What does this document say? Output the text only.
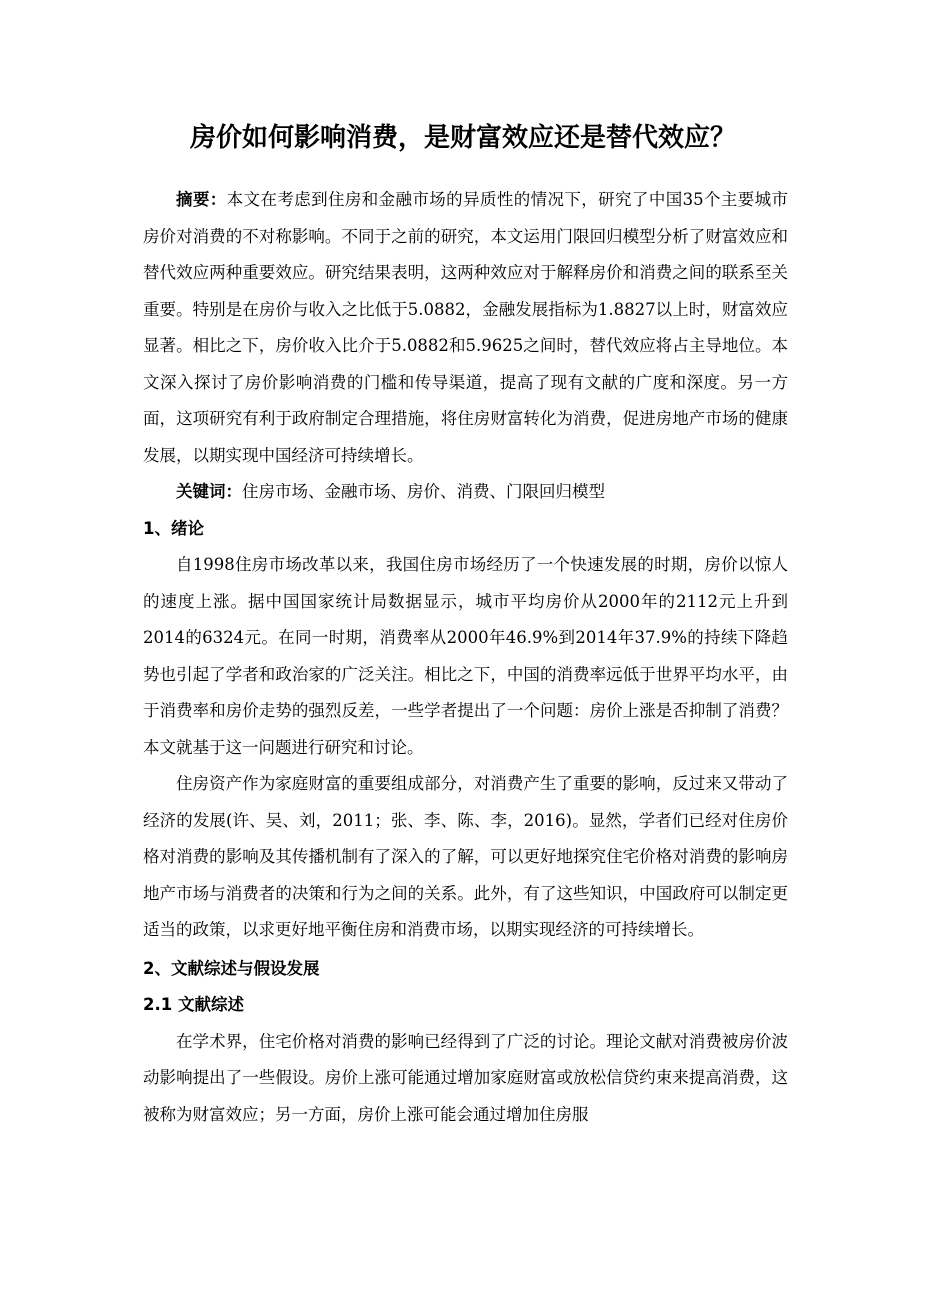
房价如何影响消费，是财富效应还是替代效应？

摘要：本文在考虑到住房和金融市场的异质性的情况下，研究了中国35个主要城市房价对消费的不对称影响。不同于之前的研究，本文运用门限回归模型分析了财富效应和替代效应两种重要效应。研究结果表明，这两种效应对于解释房价和消费之间的联系至关重要。特别是在房价与收入之比低于5.0882，金融发展指标为1.8827以上时，财富效应显著。相比之下，房价收入比介于5.0882和5.9625之间时，替代效应将占主导地位。本文深入探讨了房价影响消费的门槛和传导渠道，提高了现有文献的广度和深度。另一方面，这项研究有利于政府制定合理措施，将住房财富转化为消费，促进房地产市场的健康发展，以期实现中国经济可持续增长。

关键词：住房市场、金融市场、房价、消费、门限回归模型

1、绪论

自1998住房市场改革以来，我国住房市场经历了一个快速发展的时期，房价以惊人的速度上涨。据中国国家统计局数据显示，城市平均房价从2000年的2112元上升到2014的6324元。在同一时期，消费率从2000年46.9%到2014年37.9%的持续下降趋势也引起了学者和政治家的广泛关注。相比之下，中国的消费率远低于世界平均水平，由于消费率和房价走势的强烈反差，一些学者提出了一个问题：房价上涨是否抑制了消费？本文就基于这一问题进行研究和讨论。

住房资产作为家庭财富的重要组成部分，对消费产生了重要的影响，反过来又带动了经济的发展(许、吴、刘，2011；张、李、陈、李，2016)。显然，学者们已经对住房价格对消费的影响及其传播机制有了深入的了解，可以更好地探究住宅价格对消费的影响房地产市场与消费者的决策和行为之间的关系。此外，有了这些知识，中国政府可以制定更适当的政策，以求更好地平衡住房和消费市场，以期实现经济的可持续增长。

2、文献综述与假设发展
2.1 文献综述

在学术界，住宅价格对消费的影响已经得到了广泛的讨论。理论文献对消费被房价波动影响提出了一些假设。房价上涨可能通过增加家庭财富或放松信贷约束来提高消费，这被称为财富效应；另一方面，房价上涨可能会通过增加住房服
